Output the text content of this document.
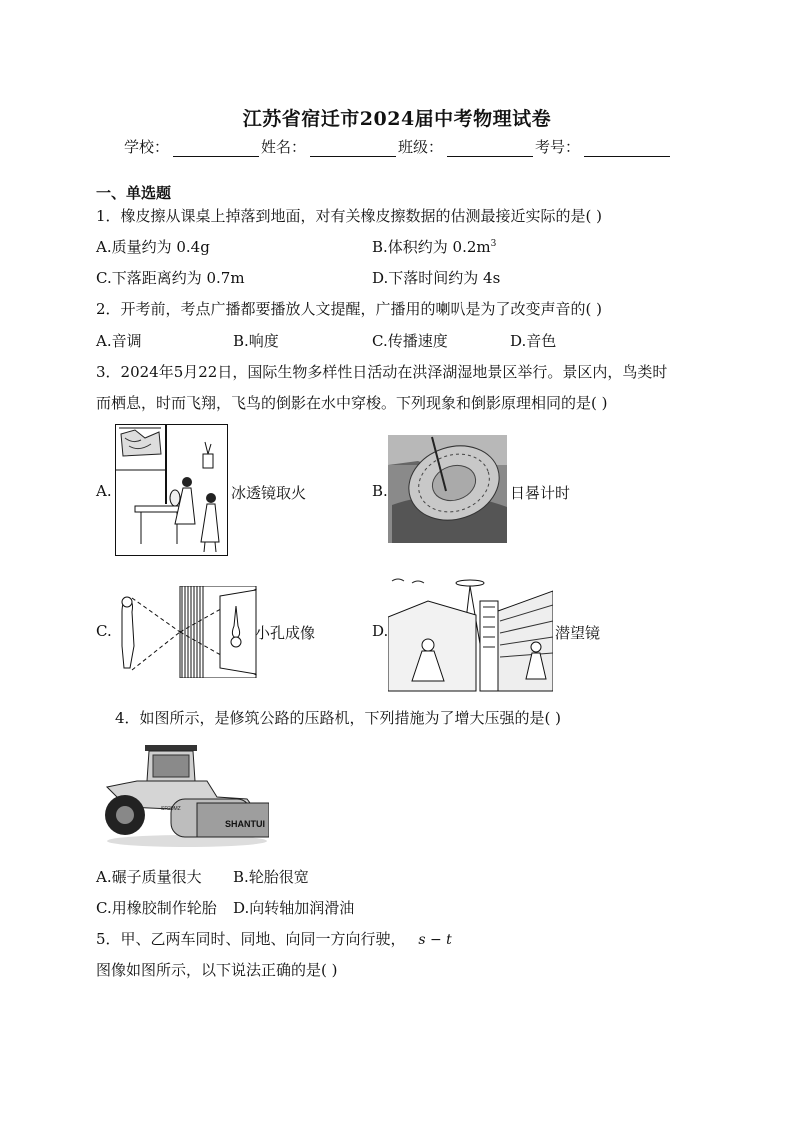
江苏省宿迁市2024届中考物理试卷
学校：	姓名：	班级：	考号：
一、单选题
1．橡皮擦从课桌上掉落到地面，对有关橡皮擦数据的估测最接近实际的是( )
A.质量约为 0.4g	B.体积约为 $0.2m^3$
C.下落距离约为 0.7m	D.下落时间约为 4s
2．开考前，考点广播都要播放人文提醒，广播用的喇叭是为了改变声音的( )
A.音调	B.响度	C.传播速度	D.音色
3．2024年5月22日，国际生物多样性日活动在洪泽湖湿地景区举行。景区内，鸟类时
而栖息，时而飞翔，飞鸟的倒影在水中穿梭。下列现象和倒影原理相同的是( )
A.	冰透镜取火	B.	日晷计时
C.	小孔成像	D.	潜望镜
4．如图所示，是修筑公路的压路机，下列措施为了增大压强的是( )
SHANTUI
SR20MZ
A.碾子质量很大 B.轮胎很宽
C.用橡胶制作轮胎 D.向转轴加润滑油
5．甲、乙两车同时、同地、向同一方向行驶， s − t
图像如图所示，以下说法正确的是( )
